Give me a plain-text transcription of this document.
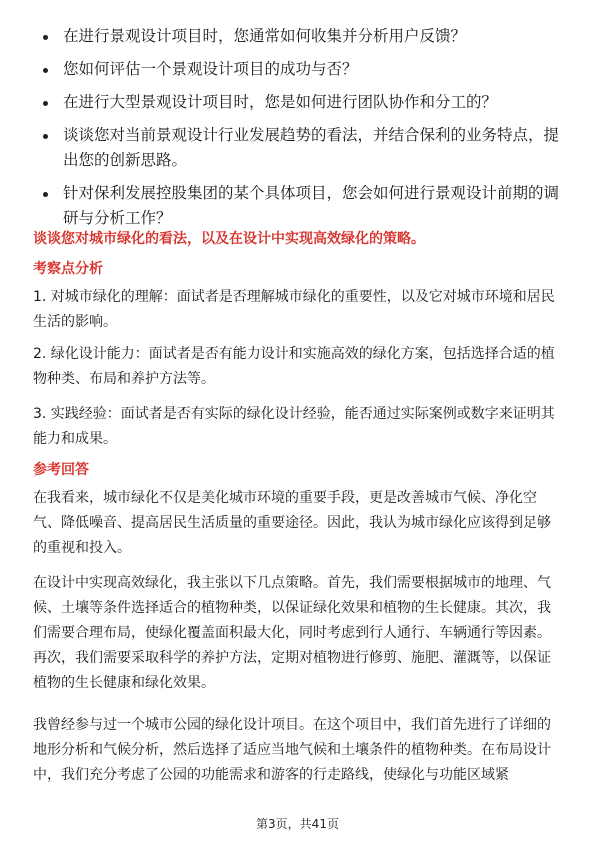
在进行景观设计项目时，您通常如何收集并分析用户反馈？
您如何评估一个景观设计项目的成功与否？
在进行大型景观设计项目时，您是如何进行团队协作和分工的？
谈谈您对当前景观设计行业发展趋势的看法，并结合保利的业务特点，提出您的创新思路。
针对保利发展控股集团的某个具体项目，您会如何进行景观设计前期的调研与分析工作？
谈谈您对城市绿化的看法，以及在设计中实现高效绿化的策略。
考察点分析
1. 对城市绿化的理解：面试者是否理解城市绿化的重要性，以及它对城市环境和居民生活的影响。
2. 绿化设计能力：面试者是否有能力设计和实施高效的绿化方案，包括选择合适的植物种类、布局和养护方法等。
3. 实践经验：面试者是否有实际的绿化设计经验，能否通过实际案例或数字来证明其能力和成果。
参考回答
在我看来，城市绿化不仅是美化城市环境的重要手段，更是改善城市气候、净化空气、降低噪音、提高居民生活质量的重要途径。因此，我认为城市绿化应该得到足够的重视和投入。
在设计中实现高效绿化，我主张以下几点策略。首先，我们需要根据城市的地理、气候、土壤等条件选择适合的植物种类，以保证绿化效果和植物的生长健康。其次，我们需要合理布局，使绿化覆盖面积最大化，同时考虑到行人通行、车辆通行等因素。再次，我们需要采取科学的养护方法，定期对植物进行修剪、施肥、灌溉等，以保证植物的生长健康和绿化效果。
我曾经参与过一个城市公园的绿化设计项目。在这个项目中，我们首先进行了详细的地形分析和气候分析，然后选择了适应当地气候和土壤条件的植物种类。在布局设计中，我们充分考虑了公园的功能需求和游客的行走路线，使绿化与功能区域紧
第3页，共41页
